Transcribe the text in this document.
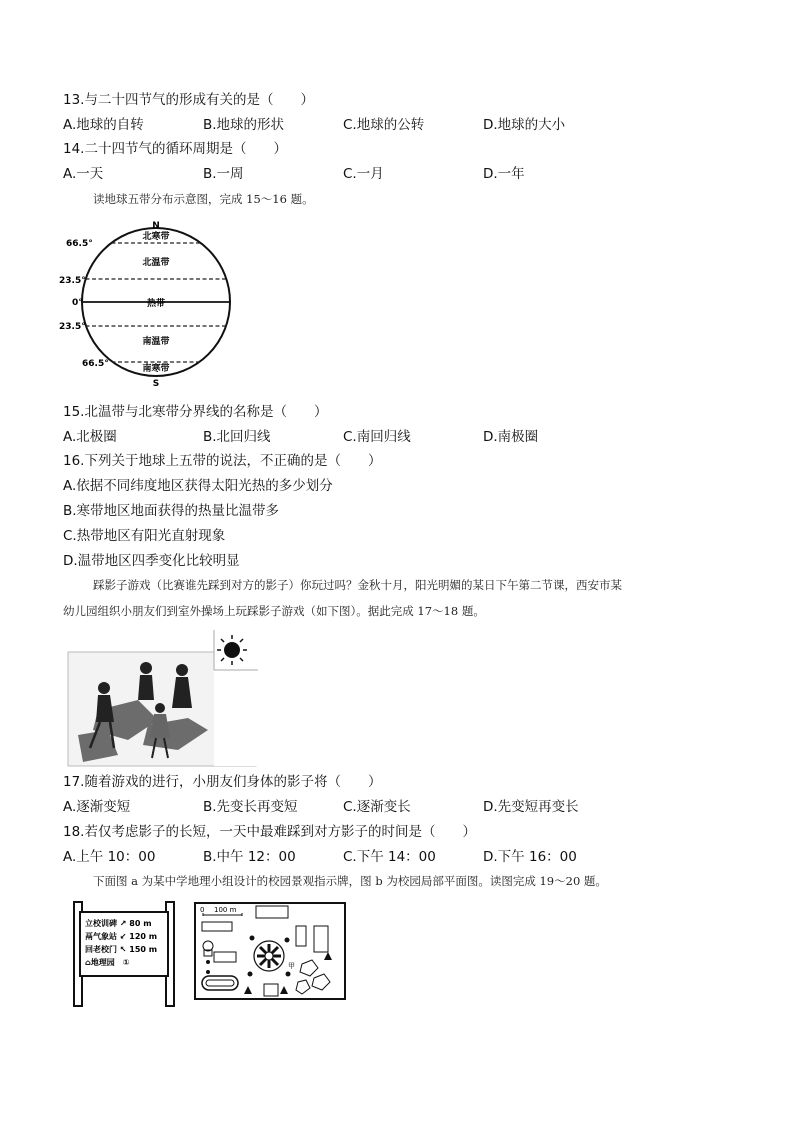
13.与二十四节气的形成有关的是（　　）
A.地球的自转	B.地球的形状	C.地球的公转	D.地球的大小
14.二十四节气的循环周期是（　　）
A.一天	B.一周	C.一月	D.一年
读地球五带分布示意图，完成 15～16 题。
N
S
66.5°
23.5°
0°
23.5°
66.5°
北寒带
北温带
热带
南温带
南寒带
15.北温带与北寒带分界线的名称是（　　）
A.北极圈	B.北回归线	C.南回归线	D.南极圈
16.下列关于地球上五带的说法，不正确的是（　　）
A.依据不同纬度地区获得太阳光热的多少划分
B.寒带地区地面获得的热量比温带多
C.热带地区有阳光直射现象
D.温带地区四季变化比较明显
踩影子游戏（比赛谁先踩到对方的影子）你玩过吗？金秋十月，阳光明媚的某日下午第二节课，西安市某
幼儿园组织小朋友们到室外操场上玩踩影子游戏（如下图）。据此完成 17～18 题。
17.随着游戏的进行，小朋友们身体的影子将（　　）
A.逐渐变短	B.先变长再变短	C.逐渐变长	D.先变短再变长
18.若仅考虑影子的长短，一天中最难踩到对方影子的时间是（　　）
A.上午 10：00	B.中午 12：00	C.下午 14：00	D.下午 16：00
下面图 a 为某中学地理小组设计的校园景观指示牌，图 b 为校园局部平面图。读图完成 19～20 题。
立校训碑 ↗ 80 m
鬲气象站 ↙ 120 m
回老校门 ↖ 150 m
⌂地理园　①
0 100 m
甲
